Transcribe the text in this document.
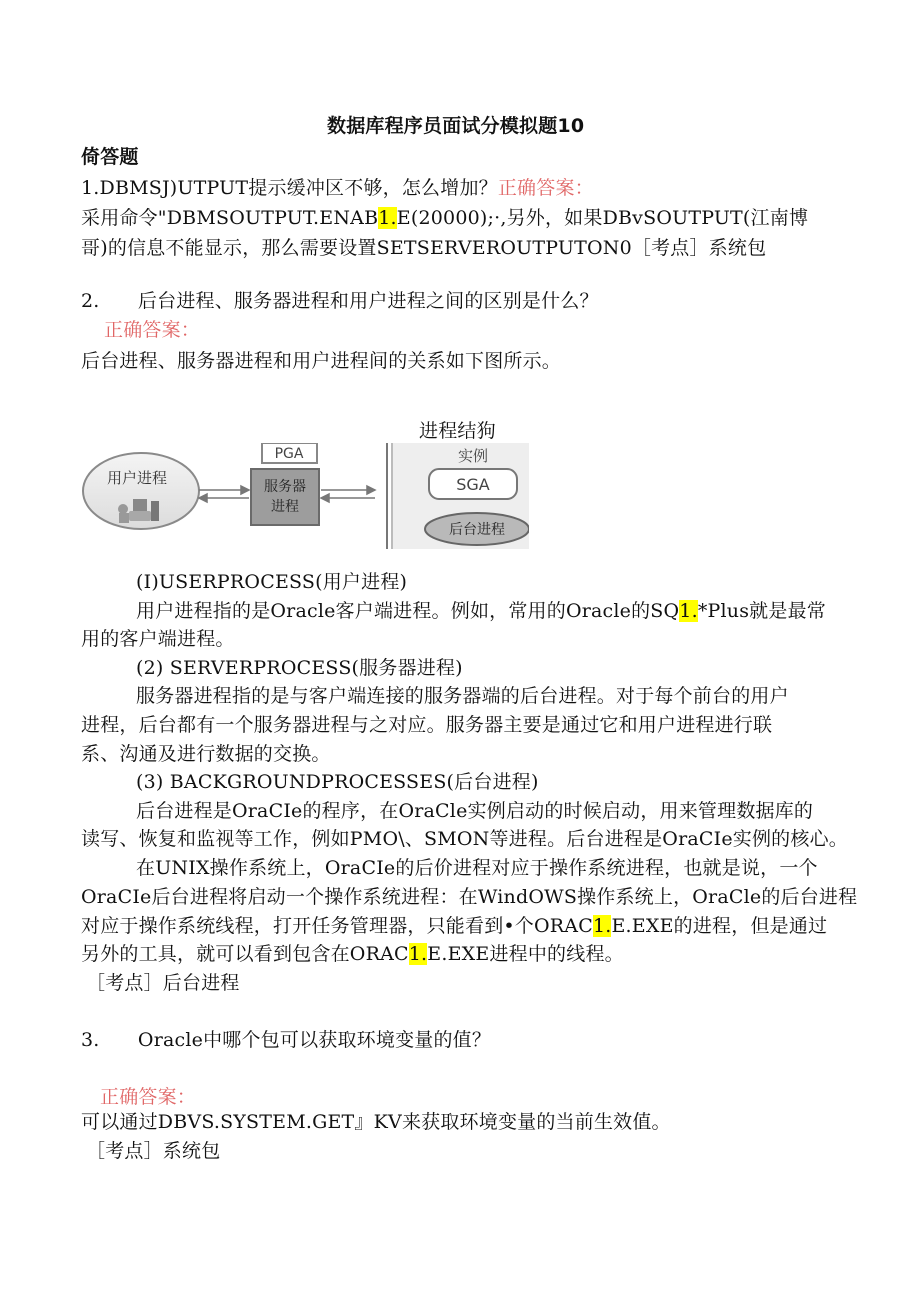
数据库程序员面试分模拟题10
倚答题
1.DBMSJ)UTPUT提示缓冲区不够，怎么增加？正确答案：
采用命令"DBMSOUTPUT.ENAB1.E(20000);·,另外，如果DBvSOUTPUT(江南博
哥)的信息不能显示，那么需要设置SETSERVEROUTPUTON0［考点］系统包
2.　　后台进程、服务器进程和用户进程之间的区别是什么？
正确答案：
后台进程、服务器进程和用户进程间的关系如下图所示。
进程结狗
用户进程
PGA
服务器
进程
实例
SGA
后台进程
(I)USERPROCESS(用户进程)
用户进程指的是Oracle客户端进程。例如，常用的Oracle的SQ1.*Plus就是最常
用的客户端进程。
(2) SERVERPROCESS(服务器进程)
服务器进程指的是与客户端连接的服务器端的后台进程。对于每个前台的用户
进程，后台都有一个服务器进程与之对应。服务器主要是通过它和用户进程进行联
系、沟通及进行数据的交换。
(3) BACKGROUNDPROCESSES(后台进程)
后台进程是OraCIe的程序，在OraCle实例启动的时候启动，用来管理数据库的
读写、恢复和监视等工作，例如PMO\、SMON等进程。后台进程是OraCIe实例的核心。
在UNIX操作系统上，OraCIe的后价进程对应于操作系统进程，也就是说，一个
OraCIe后台进程将启动一个操作系统进程：在WindOWS操作系统上，OraCle的后台进程
对应于操作系统线程，打开任务管理器，只能看到•个ORAC1.E.EXE的进程，但是通过
另外的工具，就可以看到包含在ORAC1.E.EXE进程中的线程。
［考点］后台进程
3.　　Oracle中哪个包可以获取环境变量的值？
正确答案：
可以通过DBVS.SYSTEM.GET』KV来获取环境变量的当前生效值。
［考点］系统包
